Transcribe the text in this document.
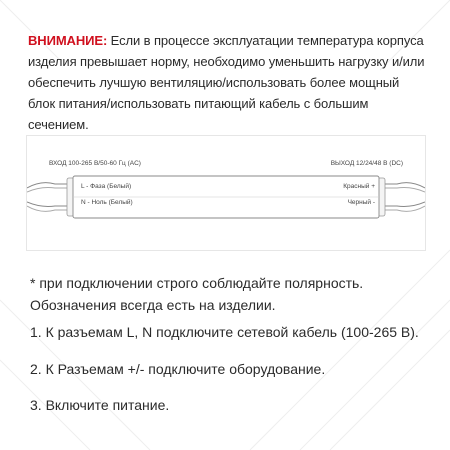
ВНИМАНИЕ: Если в процессе эксплуатации температура корпуса изделия превышает норму, необходимо уменьшить нагрузку и/или обеспечить лучшую вентиляцию/использовать более мощный блок питания/использовать питающий кабель с большим сечением.
ВХОД 100-265 В/50-60 Гц (AC)	ВЫХОД 12/24/48 В (DC)
L - Фаза (Белый)
N - Ноль (Белый)
Красный +
Черный -
* при подключении строго соблюдайте полярность.
Обозначения всегда есть на изделии.
1. К разъемам L, N подключите сетевой кабель (100-265 В).
2. К Разъемам +/- подключите оборудование.
3. Включите питание.
